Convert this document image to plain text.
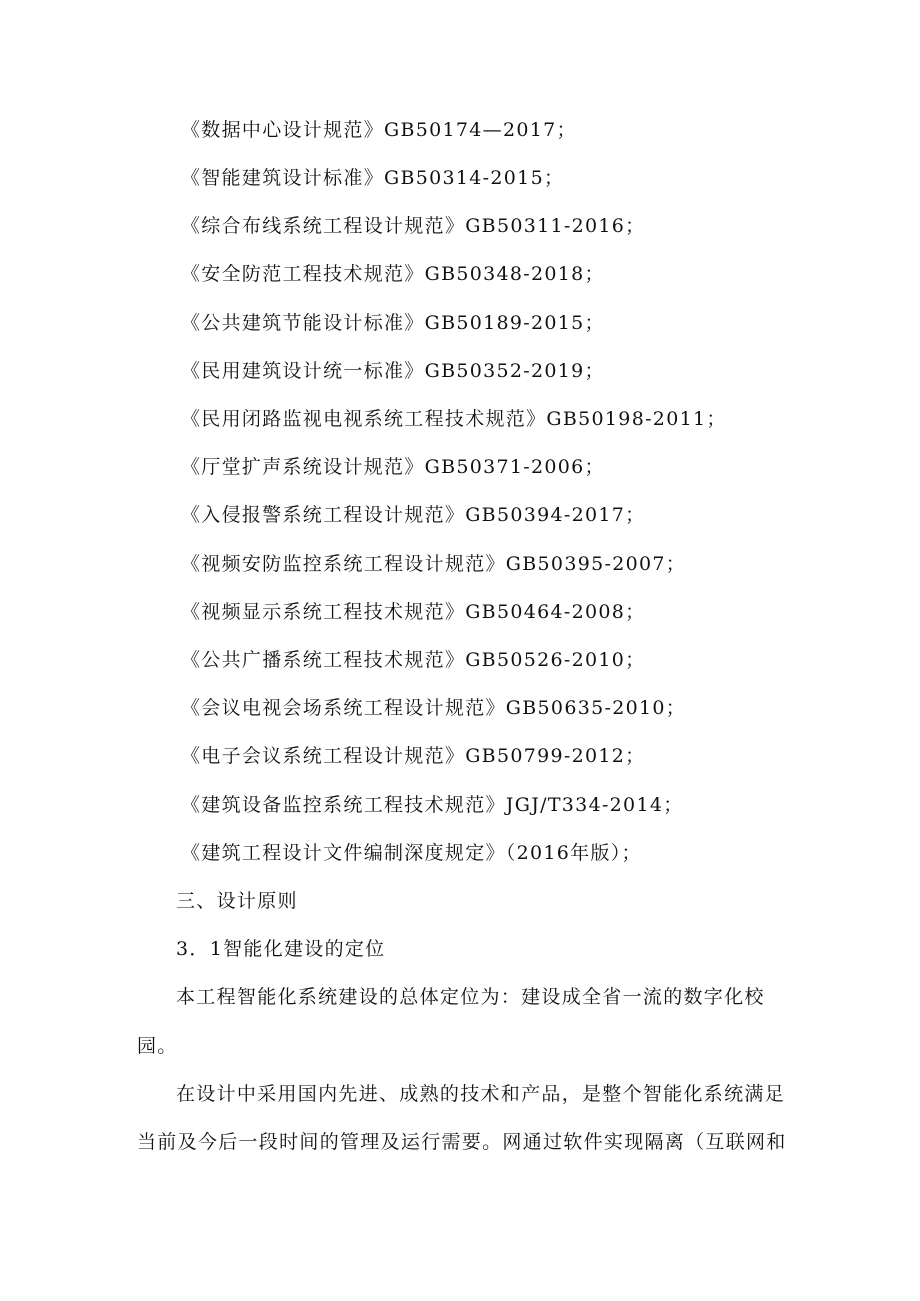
《数据中心设计规范》GB50174—2017；
《智能建筑设计标准》GB50314-2015；
《综合布线系统工程设计规范》GB50311-2016；
《安全防范工程技术规范》GB50348-2018；
《公共建筑节能设计标准》GB50189-2015；
《民用建筑设计统一标准》GB50352-2019；
《民用闭路监视电视系统工程技术规范》GB50198-2011；
《厅堂扩声系统设计规范》GB50371-2006；
《入侵报警系统工程设计规范》GB50394-2017；
《视频安防监控系统工程设计规范》GB50395-2007；
《视频显示系统工程技术规范》GB50464-2008；
《公共广播系统工程技术规范》GB50526-2010；
《会议电视会场系统工程设计规范》GB50635-2010；
《电子会议系统工程设计规范》GB50799-2012；
《建筑设备监控系统工程技术规范》JGJ/T334-2014；
《建筑工程设计文件编制深度规定》（2016年版）；
三、设计原则
3．1智能化建设的定位
本工程智能化系统建设的总体定位为：建设成全省一流的数字化校
园。
在设计中采用国内先进、成熟的技术和产品，是整个智能化系统满足
当前及今后一段时间的管理及运行需要。网通过软件实现隔离（互联网和
